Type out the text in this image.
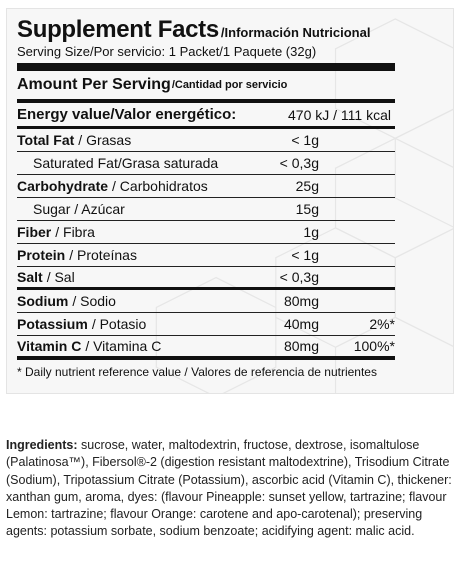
Supplement Facts /Información Nutricional
Serving Size/Por servicio: 1 Packet/1 Paquete (32g)
Amount Per Serving /Cantidad por servicio
Energy value/Valor energético:	470 kJ / 111 kcal
Total Fat / Grasas	< 1g
Saturated Fat/Grasa saturada	< 0,3g
Carbohydrate / Carbohidratos	25g
Sugar / Azúcar	15g
Fiber / Fibra	1g
Protein / Proteínas	< 1g
Salt / Sal	< 0,3g
Sodium / Sodio	80mg
Potassium / Potasio	40mg	2%*
Vitamin C / Vitamina C	80mg 100%*
* Daily nutrient reference value / Valores de referencia de nutrientes
Ingredients: sucrose, water, maltodextrin, fructose, dextrose, isomaltulose (Palatinosa™), Fibersol®-2 (digestion resistant maltodextrine), Trisodium Citrate (Sodium), Tripotassium Citrate (Potassium), ascorbic acid (Vitamin C), thickener: xanthan gum, aroma, dyes: (flavour Pineapple: sunset yellow, tartrazine; flavour Lemon: tartrazine; flavour Orange: carotene and apo-carotenal); preserving agents: potassium sorbate, sodium benzoate; acidifying agent: malic acid.
